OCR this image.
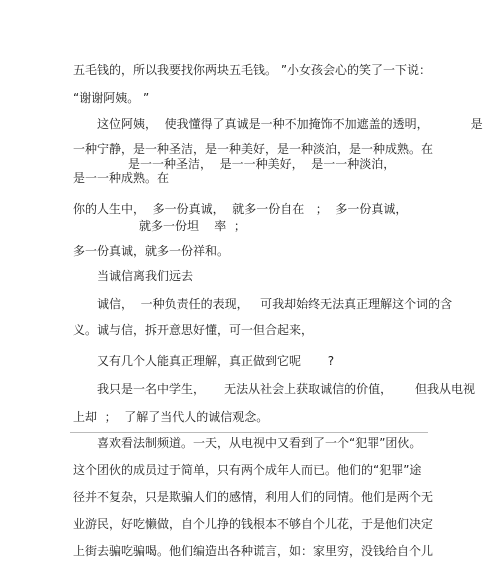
五毛钱的，所以我要找你两块五毛钱。 ”小女孩会心的笑了一下说：
“谢谢阿姨。 ”
这位阿姨，  使我懂得了真诚是一种不加掩饰不加遮盖的透明，           是
一种宁静，是一种圣洁，是一种美好，是一种淡泊，是一种成熟。在
是一一种圣洁，  是一一种美好，  是一一种淡泊，
是一一种成熟。在
你的人生中，  多一份真诚，  就多一份自在   ；  多一份真诚，
就多一份坦    率  ；
多一份真诚，就多一份祥和。
当诚信离我们远去
诚信，  一种负责任的表现，   可我却始终无法真正理解这个词的含
义。诚与信，拆开意思好懂，可一但合起来，
又有几个人能真正理解，真正做到它呢       ?
我只是一名中学生，     无法从社会上获取诚信的价值，      但我从电视
上却  ；  了解了当代人的诚信观念。
喜欢看法制频道。一天，从电视中又看到了一个“犯罪”团伙。
这个团伙的成员过于简单，只有两个成年人而已。他们的“犯罪”途
径并不复杂，只是欺骗人们的感情，利用人们的同情。他们是两个无
业游民，好吃懒做，自个儿挣的钱根本不够自个儿花，于是他们决定
上街去骗吃骗喝。他们编造出各种谎言，如：家里穷，没钱给自个儿
